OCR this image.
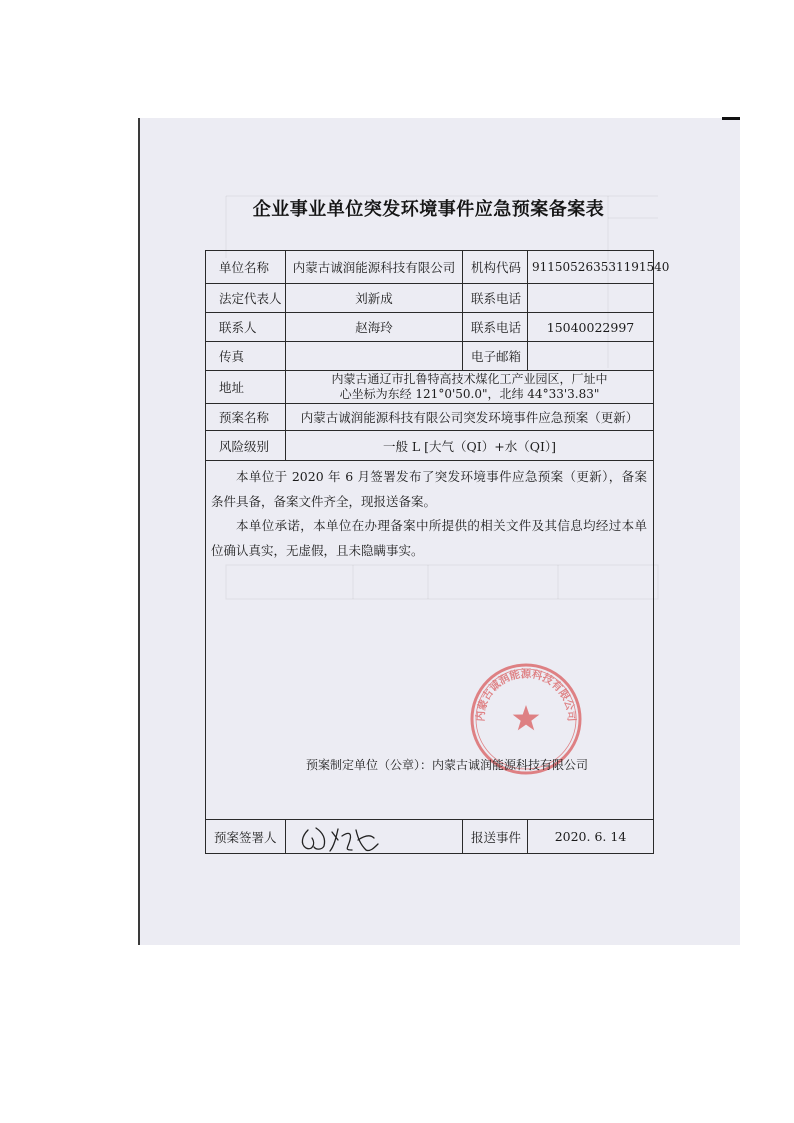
企业事业单位突发环境事件应急预案备案表
单位名称	内蒙古诚润能源科技有限公司	机构代码	911505263531191540
法定代表人	刘新成	联系电话	
联系人	赵海玲	联系电话	15040022997
传真		电子邮箱	
地址	内蒙古通辽市扎鲁特高技术煤化工产业园区，厂址中
心坐标为东经 121°0'50.0"，北纬 44°33'3.83"		

预案名称	内蒙古诚润能源科技有限公司突发环境事件应急预案（更新）		
风险级别	一般 L [大气（QI）+水（QI）]		

本单位于 2020 年 6 月签署发布了突发环境事件应急预案（更新），备案条件具备，备案文件齐全，现报送备案。

本单位承诺，本单位在办理备案中所提供的相关文件及其信息均经过本单位确认真实，无虚假，且未隐瞒事实。

内蒙古诚润能源科技有限公司
预案制定单位（公章）：内蒙古诚润能源科技有限公司			

预案签署人		报送事件	2020. 6. 14
